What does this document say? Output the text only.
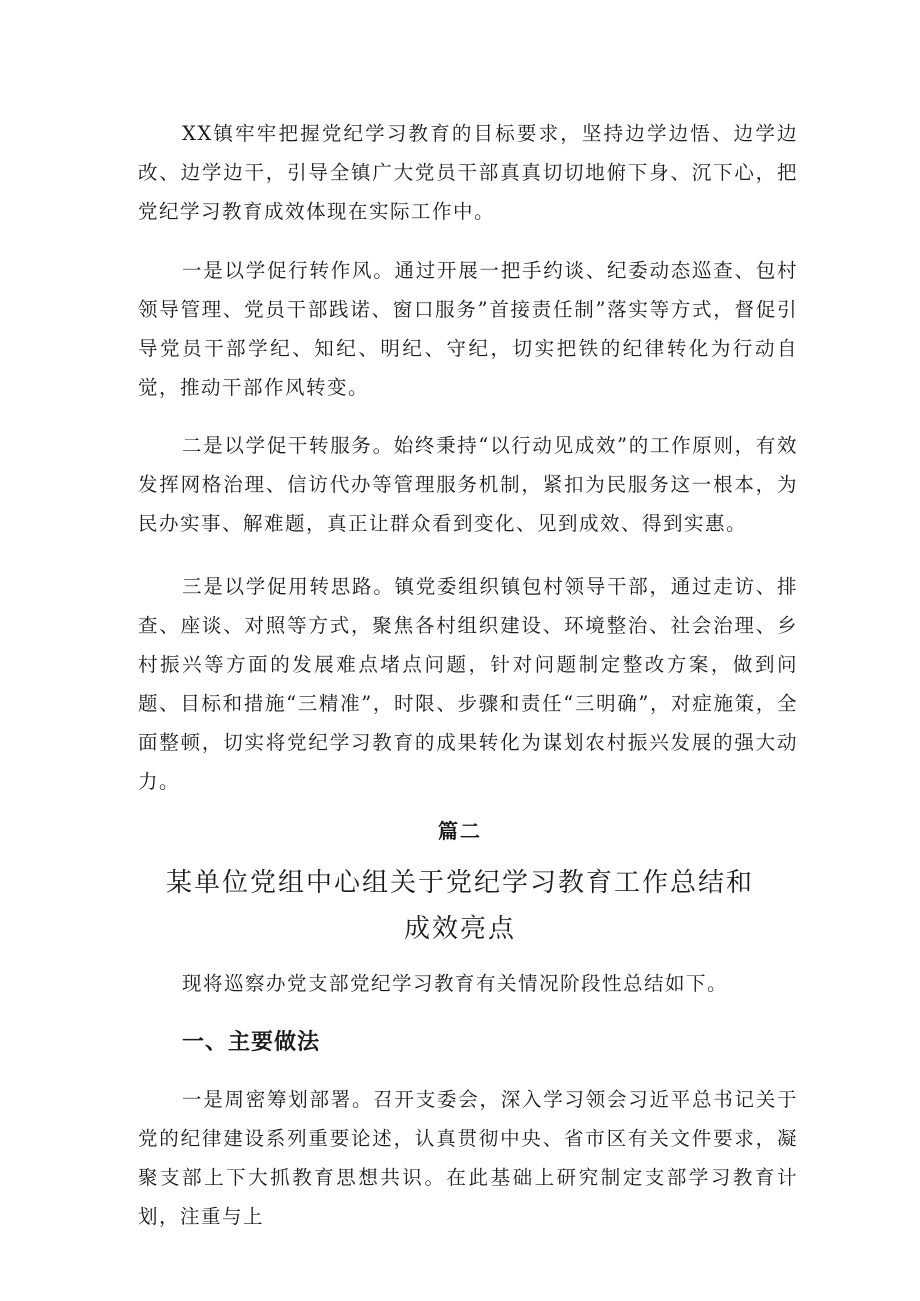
XX镇牢牢把握党纪学习教育的目标要求，坚持边学边悟、边学边改、边学边干，引导全镇广大党员干部真真切切地俯下身、沉下心，把党纪学习教育成效体现在实际工作中。

一是以学促行转作风。通过开展一把手约谈、纪委动态巡查、包村领导管理、党员干部践诺、窗口服务”首接责任制”落实等方式，督促引导党员干部学纪、知纪、明纪、守纪，切实把铁的纪律转化为行动自觉，推动干部作风转变。

二是以学促干转服务。始终秉持“以行动见成效”的工作原则，有效发挥网格治理、信访代办等管理服务机制，紧扣为民服务这一根本，为民办实事、解难题，真正让群众看到变化、见到成效、得到实惠。

三是以学促用转思路。镇党委组织镇包村领导干部，通过走访、排查、座谈、对照等方式，聚焦各村组织建设、环境整治、社会治理、乡村振兴等方面的发展难点堵点问题，针对问题制定整改方案，做到问题、目标和措施“三精准”，时限、步骤和责任“三明确”，对症施策，全面整顿，切实将党纪学习教育的成果转化为谋划农村振兴发展的强大动力。

篇二

某单位党组中心组关于党纪学习教育工作总结和成效亮点

现将巡察办党支部党纪学习教育有关情况阶段性总结如下。

一、主要做法

一是周密筹划部署。召开支委会，深入学习领会习近平总书记关于党的纪律建设系列重要论述，认真贯彻中央、省市区有关文件要求，凝聚支部上下大抓教育思想共识。在此基础上研究制定支部学习教育计划，注重与上
